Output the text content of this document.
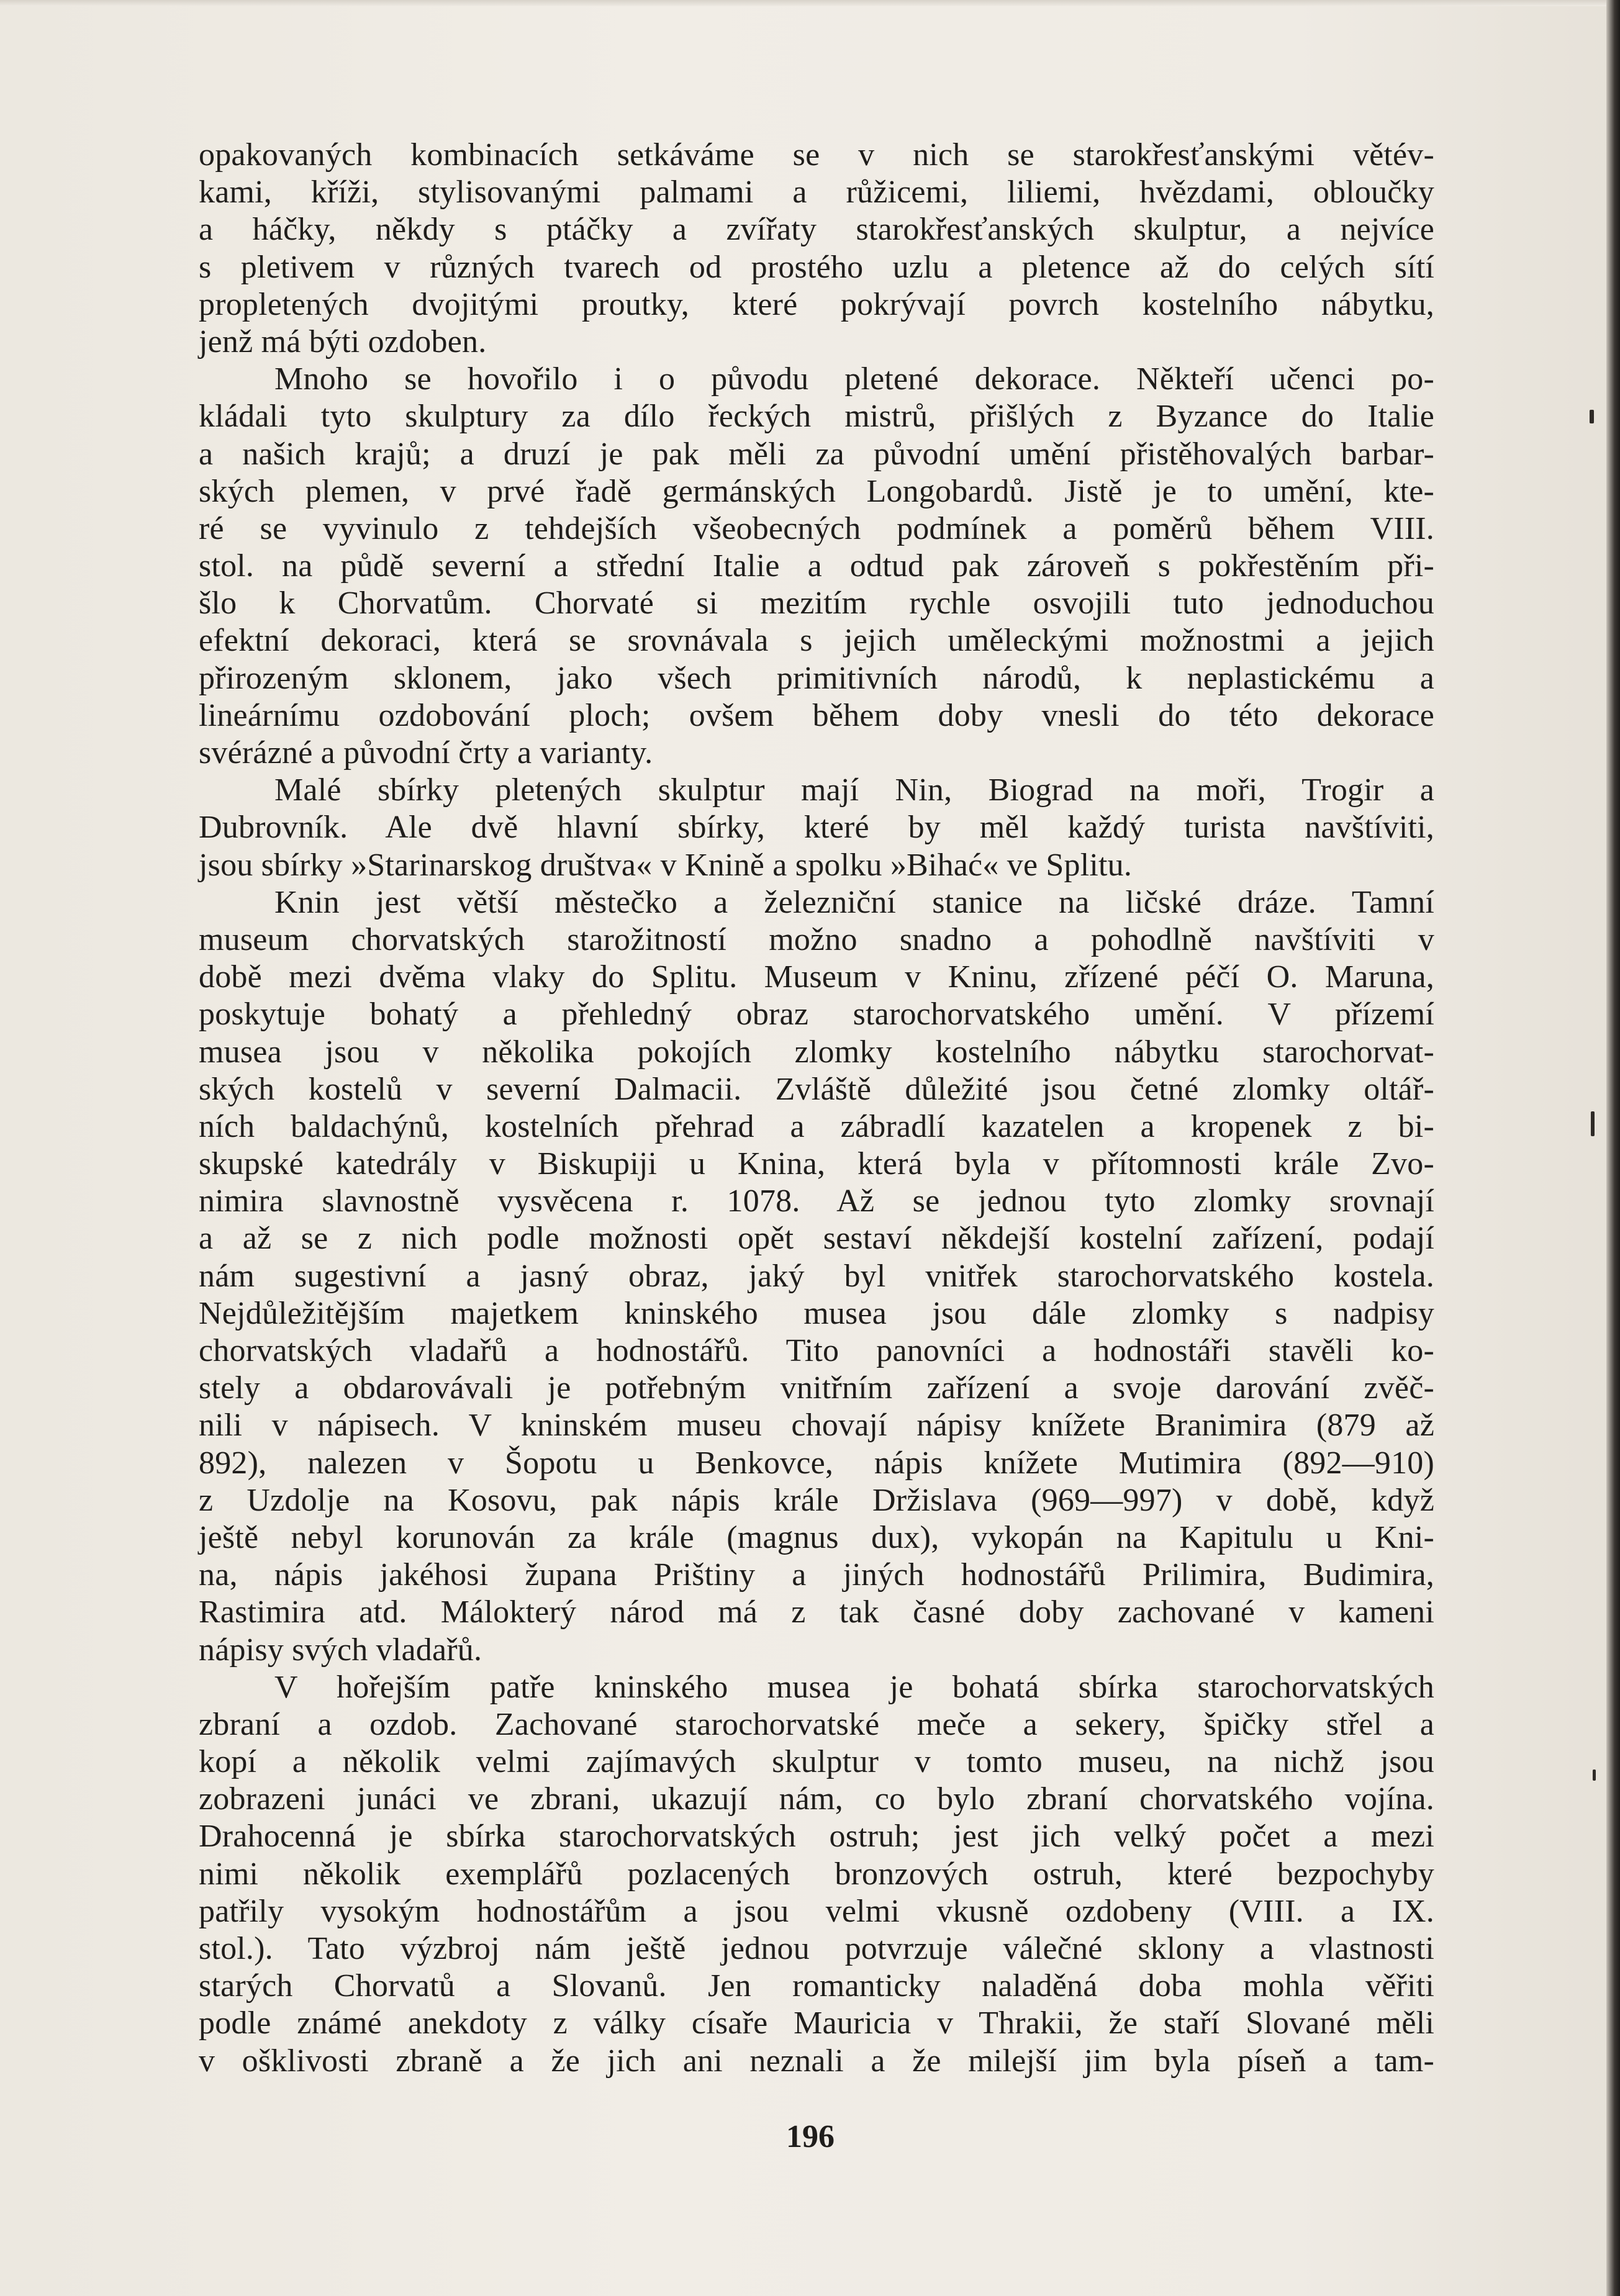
opakovaných kombinacích setkáváme se v nich se starokřesťanskými větév-
kami, kříži, stylisovanými palmami a růžicemi, liliemi, hvězdami, obloučky
a háčky, někdy s ptáčky a zvířaty starokřesťanských skulptur, a nejvíce
s pletivem v různých tvarech od prostého uzlu a pletence až do celých sítí
propletených dvojitými proutky, které pokrývají povrch kostelního nábytku,
jenž má býti ozdoben.
Mnoho se hovořilo i o původu pletené dekorace. Někteří učenci po-
kládali tyto skulptury za dílo řeckých mistrů, přišlých z Byzance do Italie
a našich krajů; a druzí je pak měli za původní umění přistěhovalých barbar-
ských plemen, v prvé řadě germánských Longobardů. Jistě je to umění, kte-
ré se vyvinulo z tehdejších všeobecných podmínek a poměrů během VIII.
stol. na půdě severní a střední Italie a odtud pak zároveň s pokřestěním při-
šlo k Chorvatům. Chorvaté si mezitím rychle osvojili tuto jednoduchou
efektní dekoraci, která se srovnávala s jejich uměleckými možnostmi a jejich
přirozeným sklonem, jako všech primitivních národů, k neplastickému a
lineárnímu ozdobování ploch; ovšem během doby vnesli do této dekorace
svérázné a původní črty a varianty.
Malé sbírky pletených skulptur mají Nin, Biograd na moři, Trogir a
Dubrovník. Ale dvě hlavní sbírky, které by měl každý turista navštíviti,
jsou sbírky »Starinarskog društva« v Knině a spolku »Bihać« ve Splitu.
Knin jest větší městečko a železniční stanice na ličské dráze. Tamní
museum chorvatských starožitností možno snadno a pohodlně navštíviti v
době mezi dvěma vlaky do Splitu. Museum v Kninu, zřízené péčí O. Maruna,
poskytuje bohatý a přehledný obraz starochorvatského umění. V přízemí
musea jsou v několika pokojích zlomky kostelního nábytku starochorvat-
ských kostelů v severní Dalmacii. Zvláště důležité jsou četné zlomky oltář-
ních baldachýnů, kostelních přehrad a zábradlí kazatelen a kropenek z bi-
skupské katedrály v Biskupiji u Knina, která byla v přítomnosti krále Zvo-
nimira slavnostně vysvěcena r. 1078. Až se jednou tyto zlomky srovnají
a až se z nich podle možnosti opět sestaví někdejší kostelní zařízení, podají
nám sugestivní a jasný obraz, jaký byl vnitřek starochorvatského kostela.
Nejdůležitějším majetkem kninského musea jsou dále zlomky s nadpisy
chorvatských vladařů a hodnostářů. Tito panovníci a hodnostáři stavěli ko-
stely a obdarovávali je potřebným vnitřním zařízení a svoje darování zvěč-
nili v nápisech. V kninském museu chovají nápisy knížete Branimira (879 až
892), nalezen v Šopotu u Benkovce, nápis knížete Mutimira (892—910)
z Uzdolje na Kosovu, pak nápis krále Držislava (969—997) v době, když
ještě nebyl korunován za krále (magnus dux), vykopán na Kapitulu u Kni-
na, nápis jakéhosi župana Prištiny a jiných hodnostářů Prilimira, Budimira,
Rastimira atd. Málokterý národ má z tak časné doby zachované v kameni
nápisy svých vladařů.
V hořejším patře kninského musea je bohatá sbírka starochorvatských
zbraní a ozdob. Zachované starochorvatské meče a sekery, špičky střel a
kopí a několik velmi zajímavých skulptur v tomto museu, na nichž jsou
zobrazeni junáci ve zbrani, ukazují nám, co bylo zbraní chorvatského vojína.
Drahocenná je sbírka starochorvatských ostruh; jest jich velký počet a mezi
nimi několik exemplářů pozlacených bronzových ostruh, které bezpochyby
patřily vysokým hodnostářům a jsou velmi vkusně ozdobeny (VIII. a IX.
stol.). Tato výzbroj nám ještě jednou potvrzuje válečné sklony a vlastnosti
starých Chorvatů a Slovanů. Jen romanticky naladěná doba mohla věřiti
podle známé anekdoty z války císaře Mauricia v Thrakii, že staří Slované měli
v ošklivosti zbraně a že jich ani neznali a že milejší jim byla píseň a tam-
196
